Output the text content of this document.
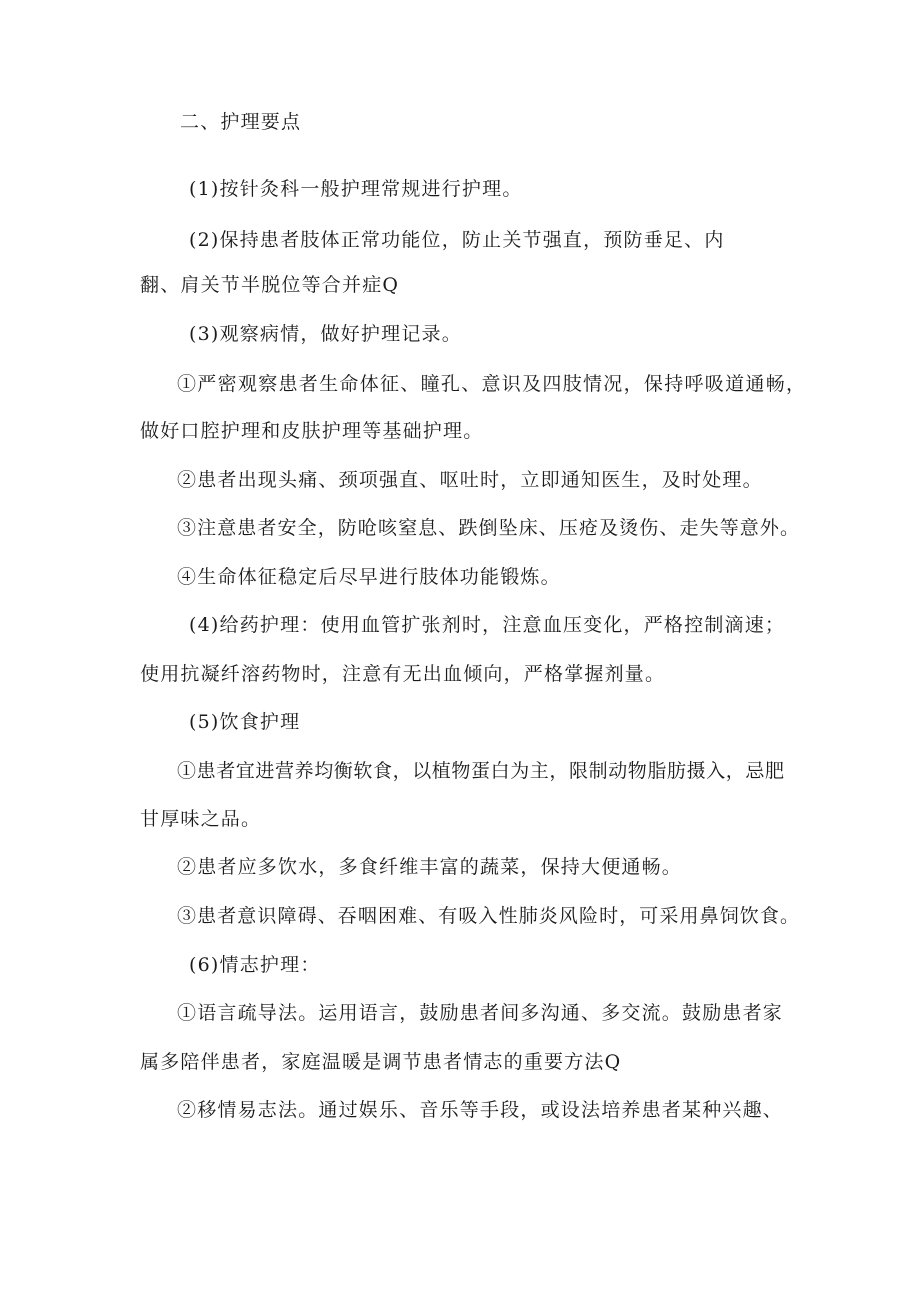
二、护理要点

(1)按针灸科一般护理常规进行护理。

(2)保持患者肢体正常功能位，防止关节强直，预防垂足、内

翻、肩关节半脱位等合并症Q

(3)观察病情，做好护理记录。

①严密观察患者生命体征、瞳孔、意识及四肢情况，保持呼吸道通畅，

做好口腔护理和皮肤护理等基础护理。

②患者出现头痛、颈项强直、呕吐时，立即通知医生，及时处理。

③注意患者安全，防呛咳窒息、跌倒坠床、压疮及烫伤、走失等意外。

④生命体征稳定后尽早进行肢体功能锻炼。

(4)给药护理：使用血管扩张剂时，注意血压变化，严格控制滴速；

使用抗凝纤溶药物时，注意有无出血倾向，严格掌握剂量。

(5)饮食护理

①患者宜进营养均衡软食，以植物蛋白为主，限制动物脂肪摄入，忌肥

甘厚味之品。

②患者应多饮水，多食纤维丰富的蔬菜，保持大便通畅。

③患者意识障碍、吞咽困难、有吸入性肺炎风险时，可采用鼻饲饮食。

(6)情志护理：

①语言疏导法。运用语言，鼓励患者间多沟通、多交流。鼓励患者家

属多陪伴患者，家庭温暖是调节患者情志的重要方法Q

②移情易志法。通过娱乐、音乐等手段，或设法培养患者某种兴趣、
